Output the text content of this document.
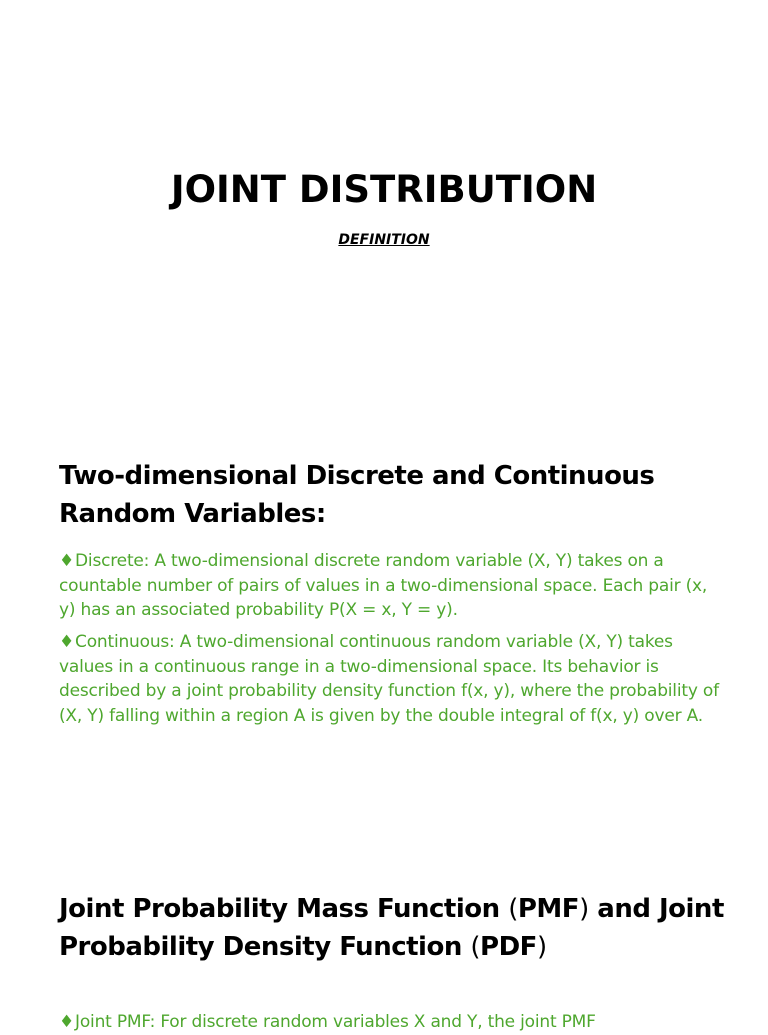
JOINT DISTRIBUTION
DEFINITION
Two-dimensional Discrete and Continuous Random Variables:

♦Discrete: A two-dimensional discrete random variable (X, Y) takes on a countable number of pairs of values in a two-dimensional space. Each pair (x, y) has an associated probability P(X = x, Y = y).

♦Continuous: A two-dimensional continuous random variable (X, Y) takes values in a continuous range in a two-dimensional space. Its behavior is described by a joint probability density function f(x, y), where the probability of (X, Y) falling within a region A is given by the double integral of f(x, y) over A.

Joint Probability Mass Function (PMF) and Joint Probability Density Function (PDF)

♦Joint PMF: For discrete random variables X and Y, the joint PMF
